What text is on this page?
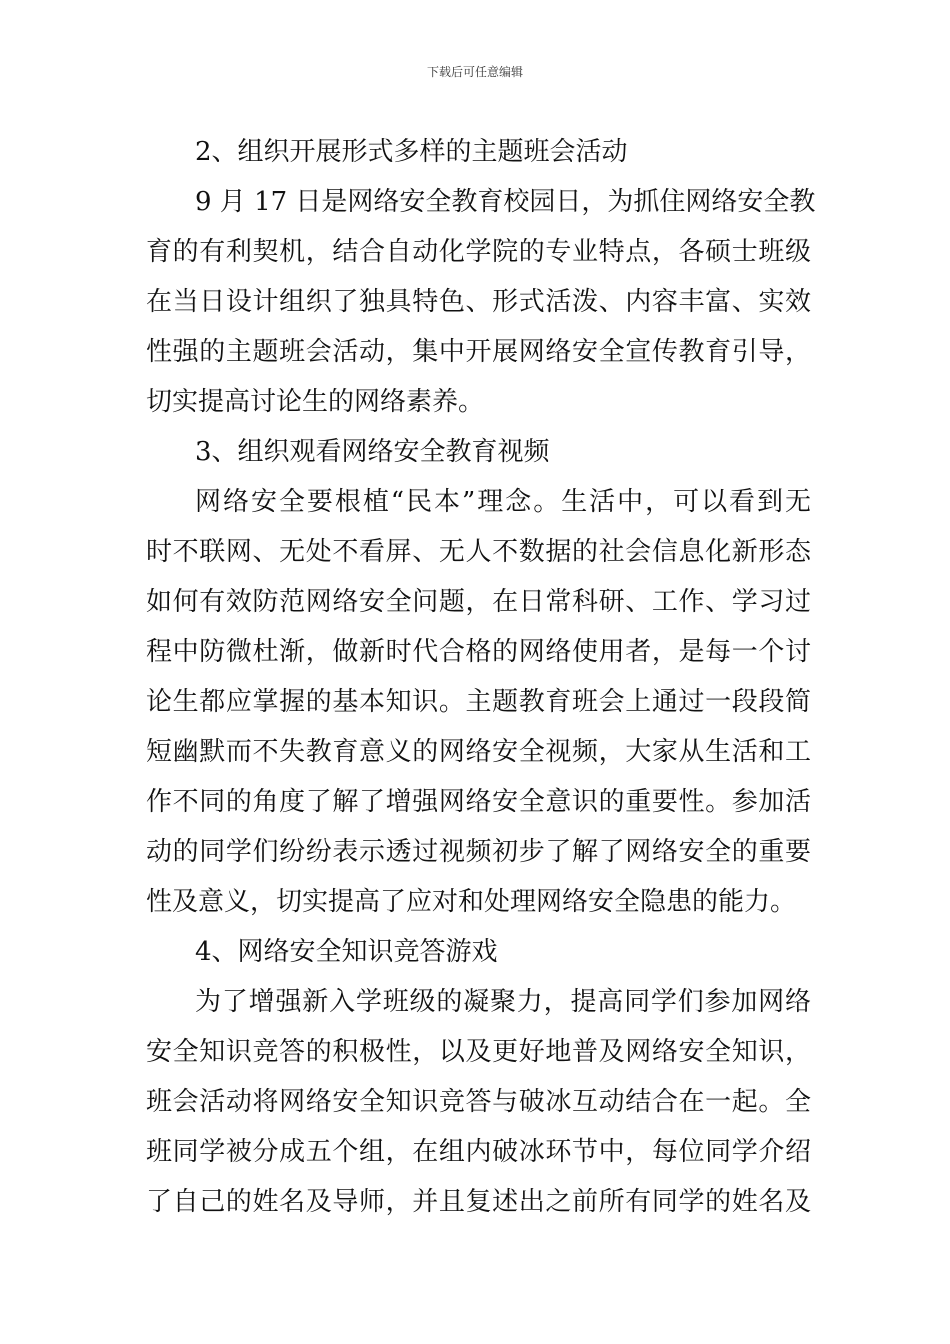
下载后可任意编辑
2、组织开展形式多样的主题班会活动
9 月 17 日是网络安全教育校园日，为抓住网络安全教
育的有利契机，结合自动化学院的专业特点，各硕士班级
在当日设计组织了独具特色、形式活泼、内容丰富、实效
性强的主题班会活动，集中开展网络安全宣传教育引导，
切实提高讨论生的网络素养。
3、组织观看网络安全教育视频
网络安全要根植“民本”理念。生活中，可以看到无
时不联网、无处不看屏、无人不数据的社会信息化新形态
如何有效防范网络安全问题，在日常科研、工作、学习过
程中防微杜渐，做新时代合格的网络使用者，是每一个讨
论生都应掌握的基本知识。主题教育班会上通过一段段简
短幽默而不失教育意义的网络安全视频，大家从生活和工
作不同的角度了解了增强网络安全意识的重要性。参加活
动的同学们纷纷表示透过视频初步了解了网络安全的重要
性及意义，切实提高了应对和处理网络安全隐患的能力。
4、网络安全知识竞答游戏
为了增强新入学班级的凝聚力，提高同学们参加网络
安全知识竞答的积极性，以及更好地普及网络安全知识，
班会活动将网络安全知识竞答与破冰互动结合在一起。全
班同学被分成五个组，在组内破冰环节中，每位同学介绍
了自己的姓名及导师，并且复述出之前所有同学的姓名及
